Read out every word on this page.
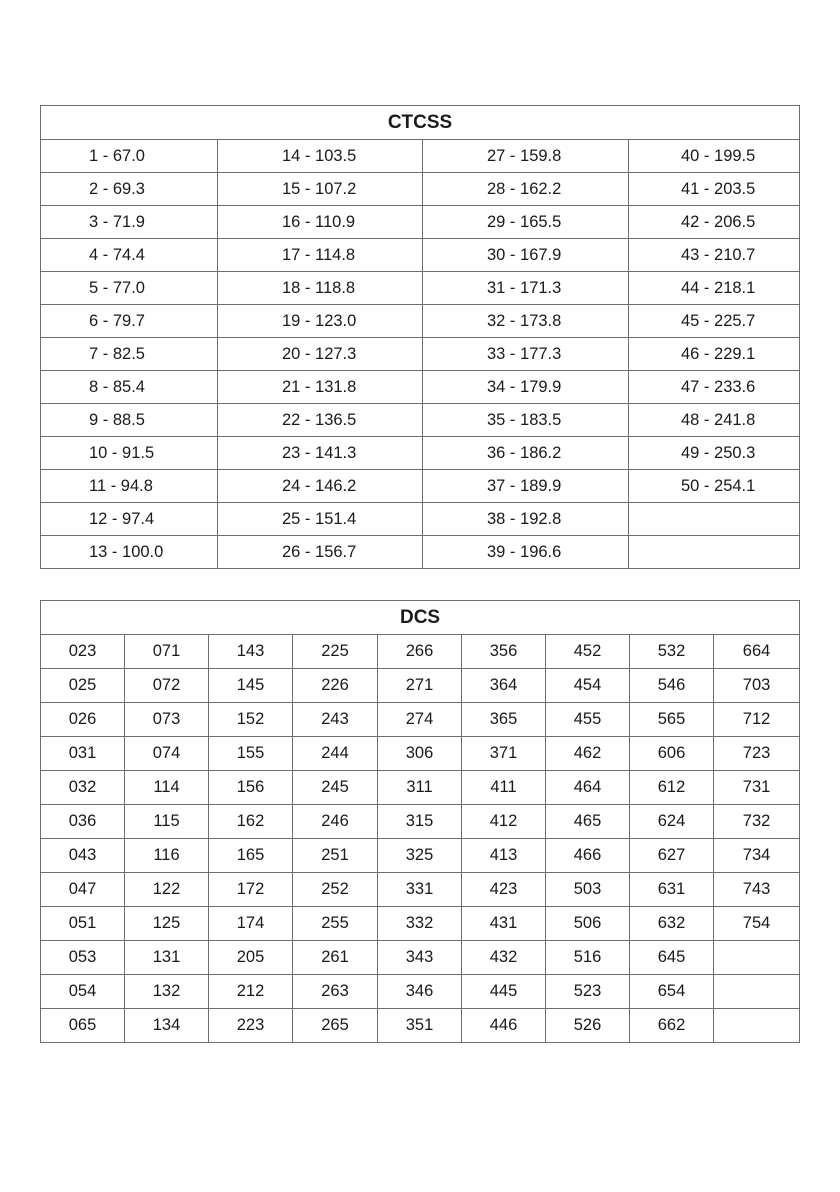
CTCSS			
1 - 67.0	14 - 103.5	27 - 159.8	40 - 199.5
2 - 69.3	15 - 107.2	28 - 162.2	41 - 203.5
3 - 71.9	16 - 110.9	29 - 165.5	42 - 206.5
4 - 74.4	17 - 114.8	30 - 167.9	43 - 210.7
5 - 77.0	18 - 118.8	31 - 171.3	44 - 218.1
6 - 79.7	19 - 123.0	32 - 173.8	45 - 225.7
7 - 82.5	20 - 127.3	33 - 177.3	46 - 229.1
8 - 85.4	21 - 131.8	34 - 179.9	47 - 233.6
9 - 88.5	22 - 136.5	35 - 183.5	48 - 241.8
10 - 91.5	23 - 141.3	36 - 186.2	49 - 250.3
11 - 94.8	24 - 146.2	37 - 189.9	50 - 254.1
12 - 97.4	25 - 151.4	38 - 192.8	
13 - 100.0	26 - 156.7	39 - 196.6	
DCS								
023	071	143	225	266	356	452	532	664
025	072	145	226	271	364	454	546	703
026	073	152	243	274	365	455	565	712
031	074	155	244	306	371	462	606	723
032	114	156	245	311	411	464	612	731
036	115	162	246	315	412	465	624	732
043	116	165	251	325	413	466	627	734
047	122	172	252	331	423	503	631	743
051	125	174	255	332	431	506	632	754
053	131	205	261	343	432	516	645	
054	132	212	263	346	445	523	654	
065	134	223	265	351	446	526	662	
